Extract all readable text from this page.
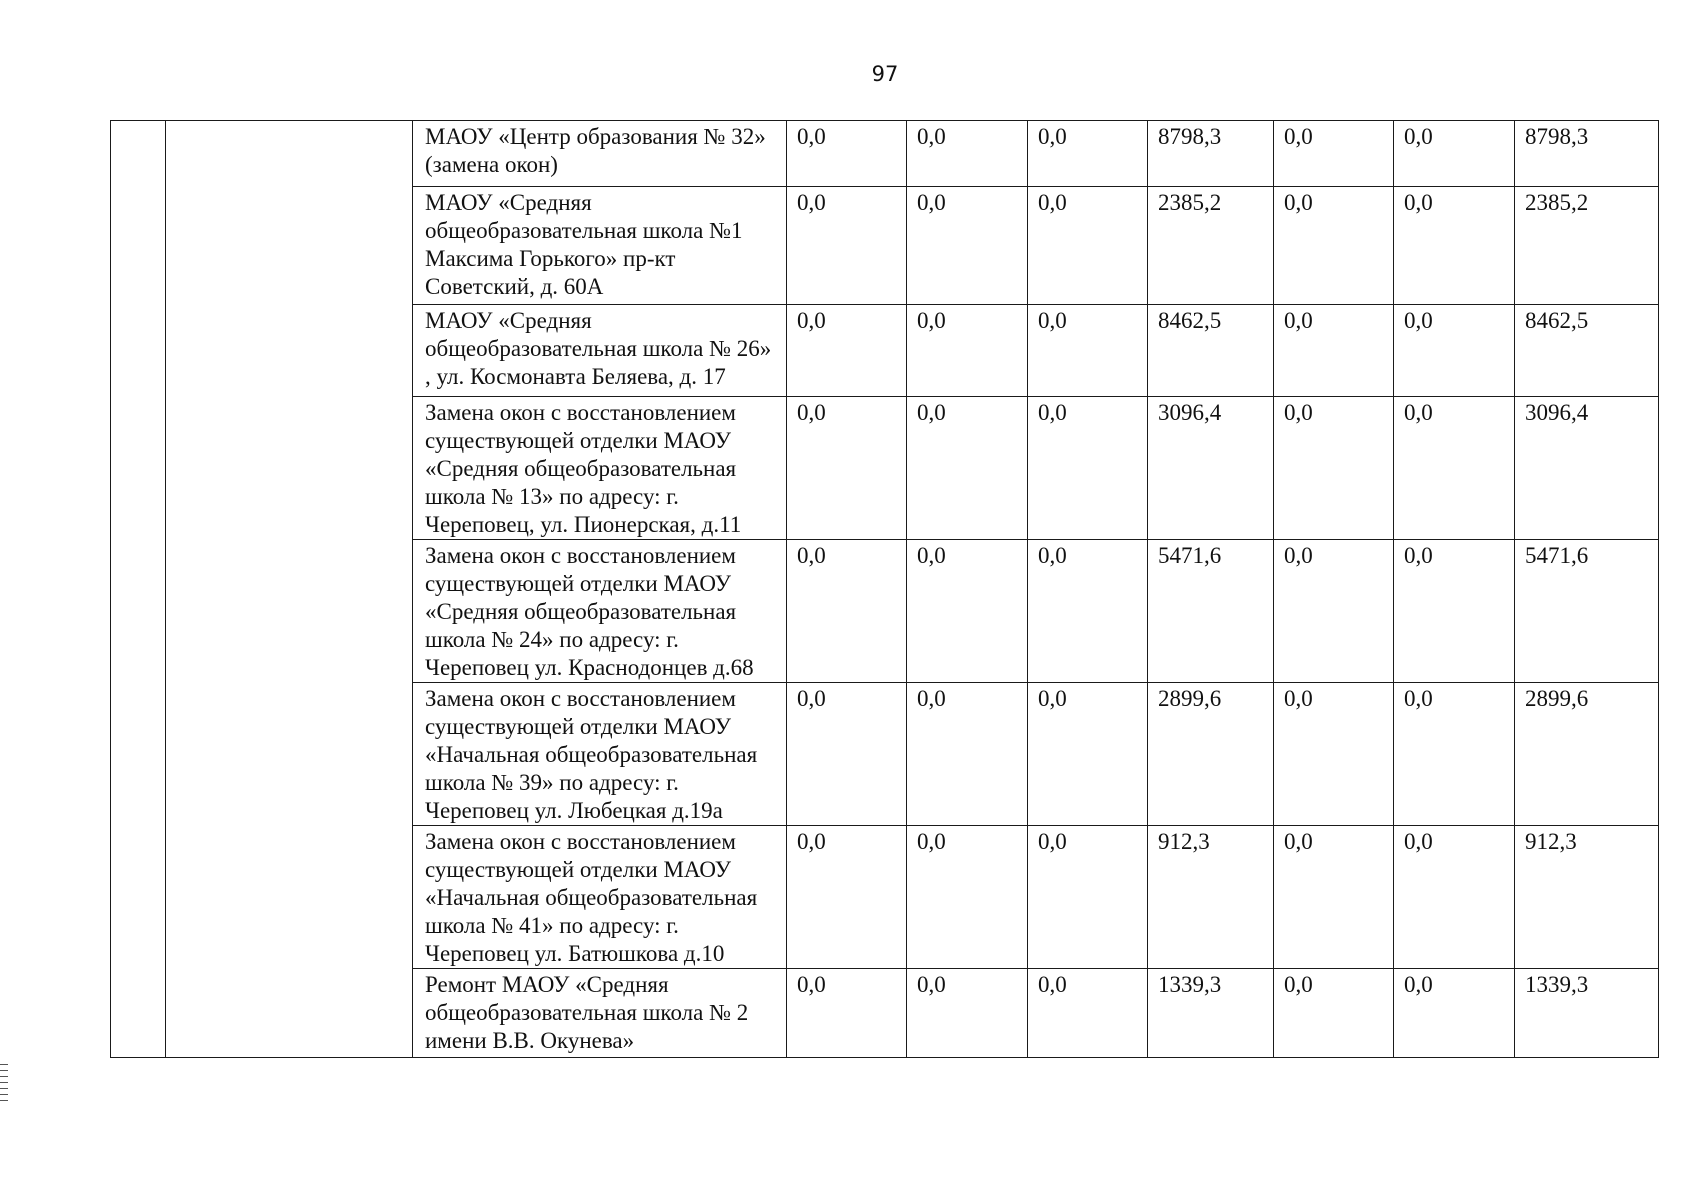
97
		МАОУ «Центр образования № 32» (замена окон)	0,0	0,0	0,0	8798,3	0,0	0,0	8798,3
		МАОУ «Средняя общеобразовательная школа №1 Максима Горького» пр-кт Советский, д. 60А	0,0	0,0	0,0	2385,2	0,0	0,0	2385,2
		МАОУ «Средняя общеобразовательная школа № 26» , ул. Космонавта Беляева, д. 17	0,0	0,0	0,0	8462,5	0,0	0,0	8462,5
		Замена окон с восстановлением существующей отделки МАОУ «Средняя общеобразовательная школа № 13» по адресу: г. Череповец, ул. Пионерская, д.11	0,0	0,0	0,0	3096,4	0,0	0,0	3096,4
		Замена окон с восстановлением существующей отделки МАОУ «Средняя общеобразовательная школа № 24» по адресу: г. Череповец ул. Краснодонцев д.68	0,0	0,0	0,0	5471,6	0,0	0,0	5471,6
		Замена окон с восстановлением существующей отделки МАОУ «Начальная общеобразовательная школа № 39» по адресу: г. Череповец ул. Любецкая д.19а	0,0	0,0	0,0	2899,6	0,0	0,0	2899,6
		Замена окон с восстановлением существующей отделки МАОУ «Начальная общеобразовательная школа № 41» по адресу: г. Череповец ул. Батюшкова д.10	0,0	0,0	0,0	912,3	0,0	0,0	912,3
		Ремонт МАОУ «Средняя общеобразовательная школа № 2 имени В.В. Окунева»	0,0	0,0	0,0	1339,3	0,0	0,0	1339,3
